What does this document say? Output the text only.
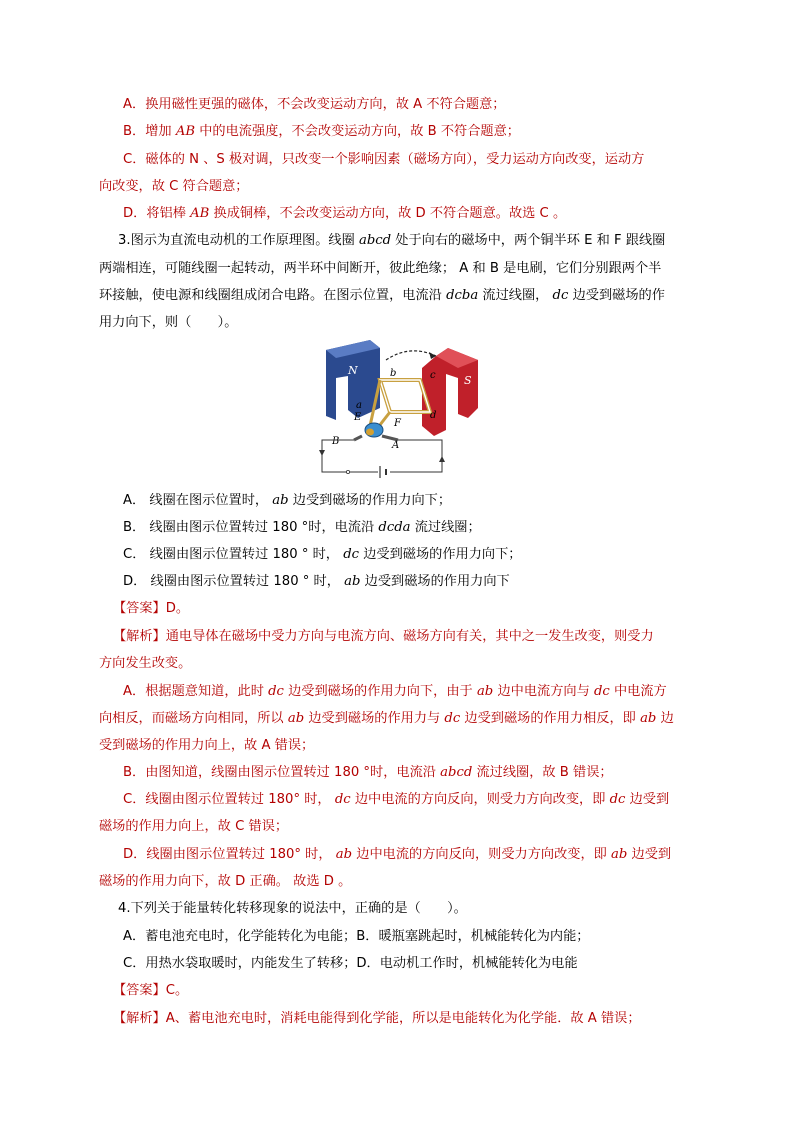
A．换用磁性更强的磁体，不会改变运动方向，故 A 不符合题意；
B．增加 AB 中的电流强度，不会改变运动方向，故 B 不符合题意；
C．磁体的 N 、S 极对调，只改变一个影响因素（磁场方向），受力运动方向改变，运动方
向改变，故 C 符合题意；
D．将铝棒 AB 换成铜棒，不会改变运动方向，故 D 不符合题意。故选 C 。
3.图示为直流电动机的工作原理图。线圈 abcd 处于向右的磁场中，两个铜半环 E 和 F 跟线圈
两端相连，可随线圈一起转动，两半环中间断开，彼此绝缘； A 和 B 是电刷，它们分别跟两个半
环接触，使电源和线圈组成闭合电路。在图示位置，电流沿 dcba 流过线圈， dc 边受到磁场的作
用力向下，则（　　）。
A． 线圈在图示位置时， ab 边受到磁场的作用力向下；
B． 线圈由图示位置转过 180 °时，电流沿 dcda 流过线圈；
C． 线圈由图示位置转过 180 ° 时， dc 边受到磁场的作用力向下；
D． 线圈由图示位置转过 180 ° 时， ab 边受到磁场的作用力向下
【答案】D。
【解析】通电导体在磁场中受力方向与电流方向、磁场方向有关，其中之一发生改变，则受力
方向发生改变。
A．根据题意知道，此时 dc 边受到磁场的作用力向下，由于 ab 边中电流方向与 dc 中电流方
向相反，而磁场方向相同，所以 ab 边受到磁场的作用力与 dc 边受到磁场的作用力相反，即 ab 边
受到磁场的作用力向上，故 A 错误；
B．由图知道，线圈由图示位置转过 180 °时，电流沿 abcd 流过线圈，故 B 错误；
C．线圈由图示位置转过 180° 时， dc 边中电流的方向反向，则受力方向改变，即 dc 边受到
磁场的作用力向上，故 C 错误；
D．线圈由图示位置转过 180° 时， ab 边中电流的方向反向，则受力方向改变，即 ab 边受到
磁场的作用力向下，故 D 正确。 故选 D 。
4.下列关于能量转化转移现象的说法中，正确的是（　　）。
A．蓄电池充电时，化学能转化为电能；B．暖瓶塞跳起时，机械能转化为内能；
C．用热水袋取暖时，内能发生了转移；D．电动机工作时，机械能转化为电能
【答案】C。
【解析】A、蓄电池充电时，消耗电能得到化学能，所以是电能转化为化学能．故 A 错误；
N
S
a
b	c
d
E
F
B	A
